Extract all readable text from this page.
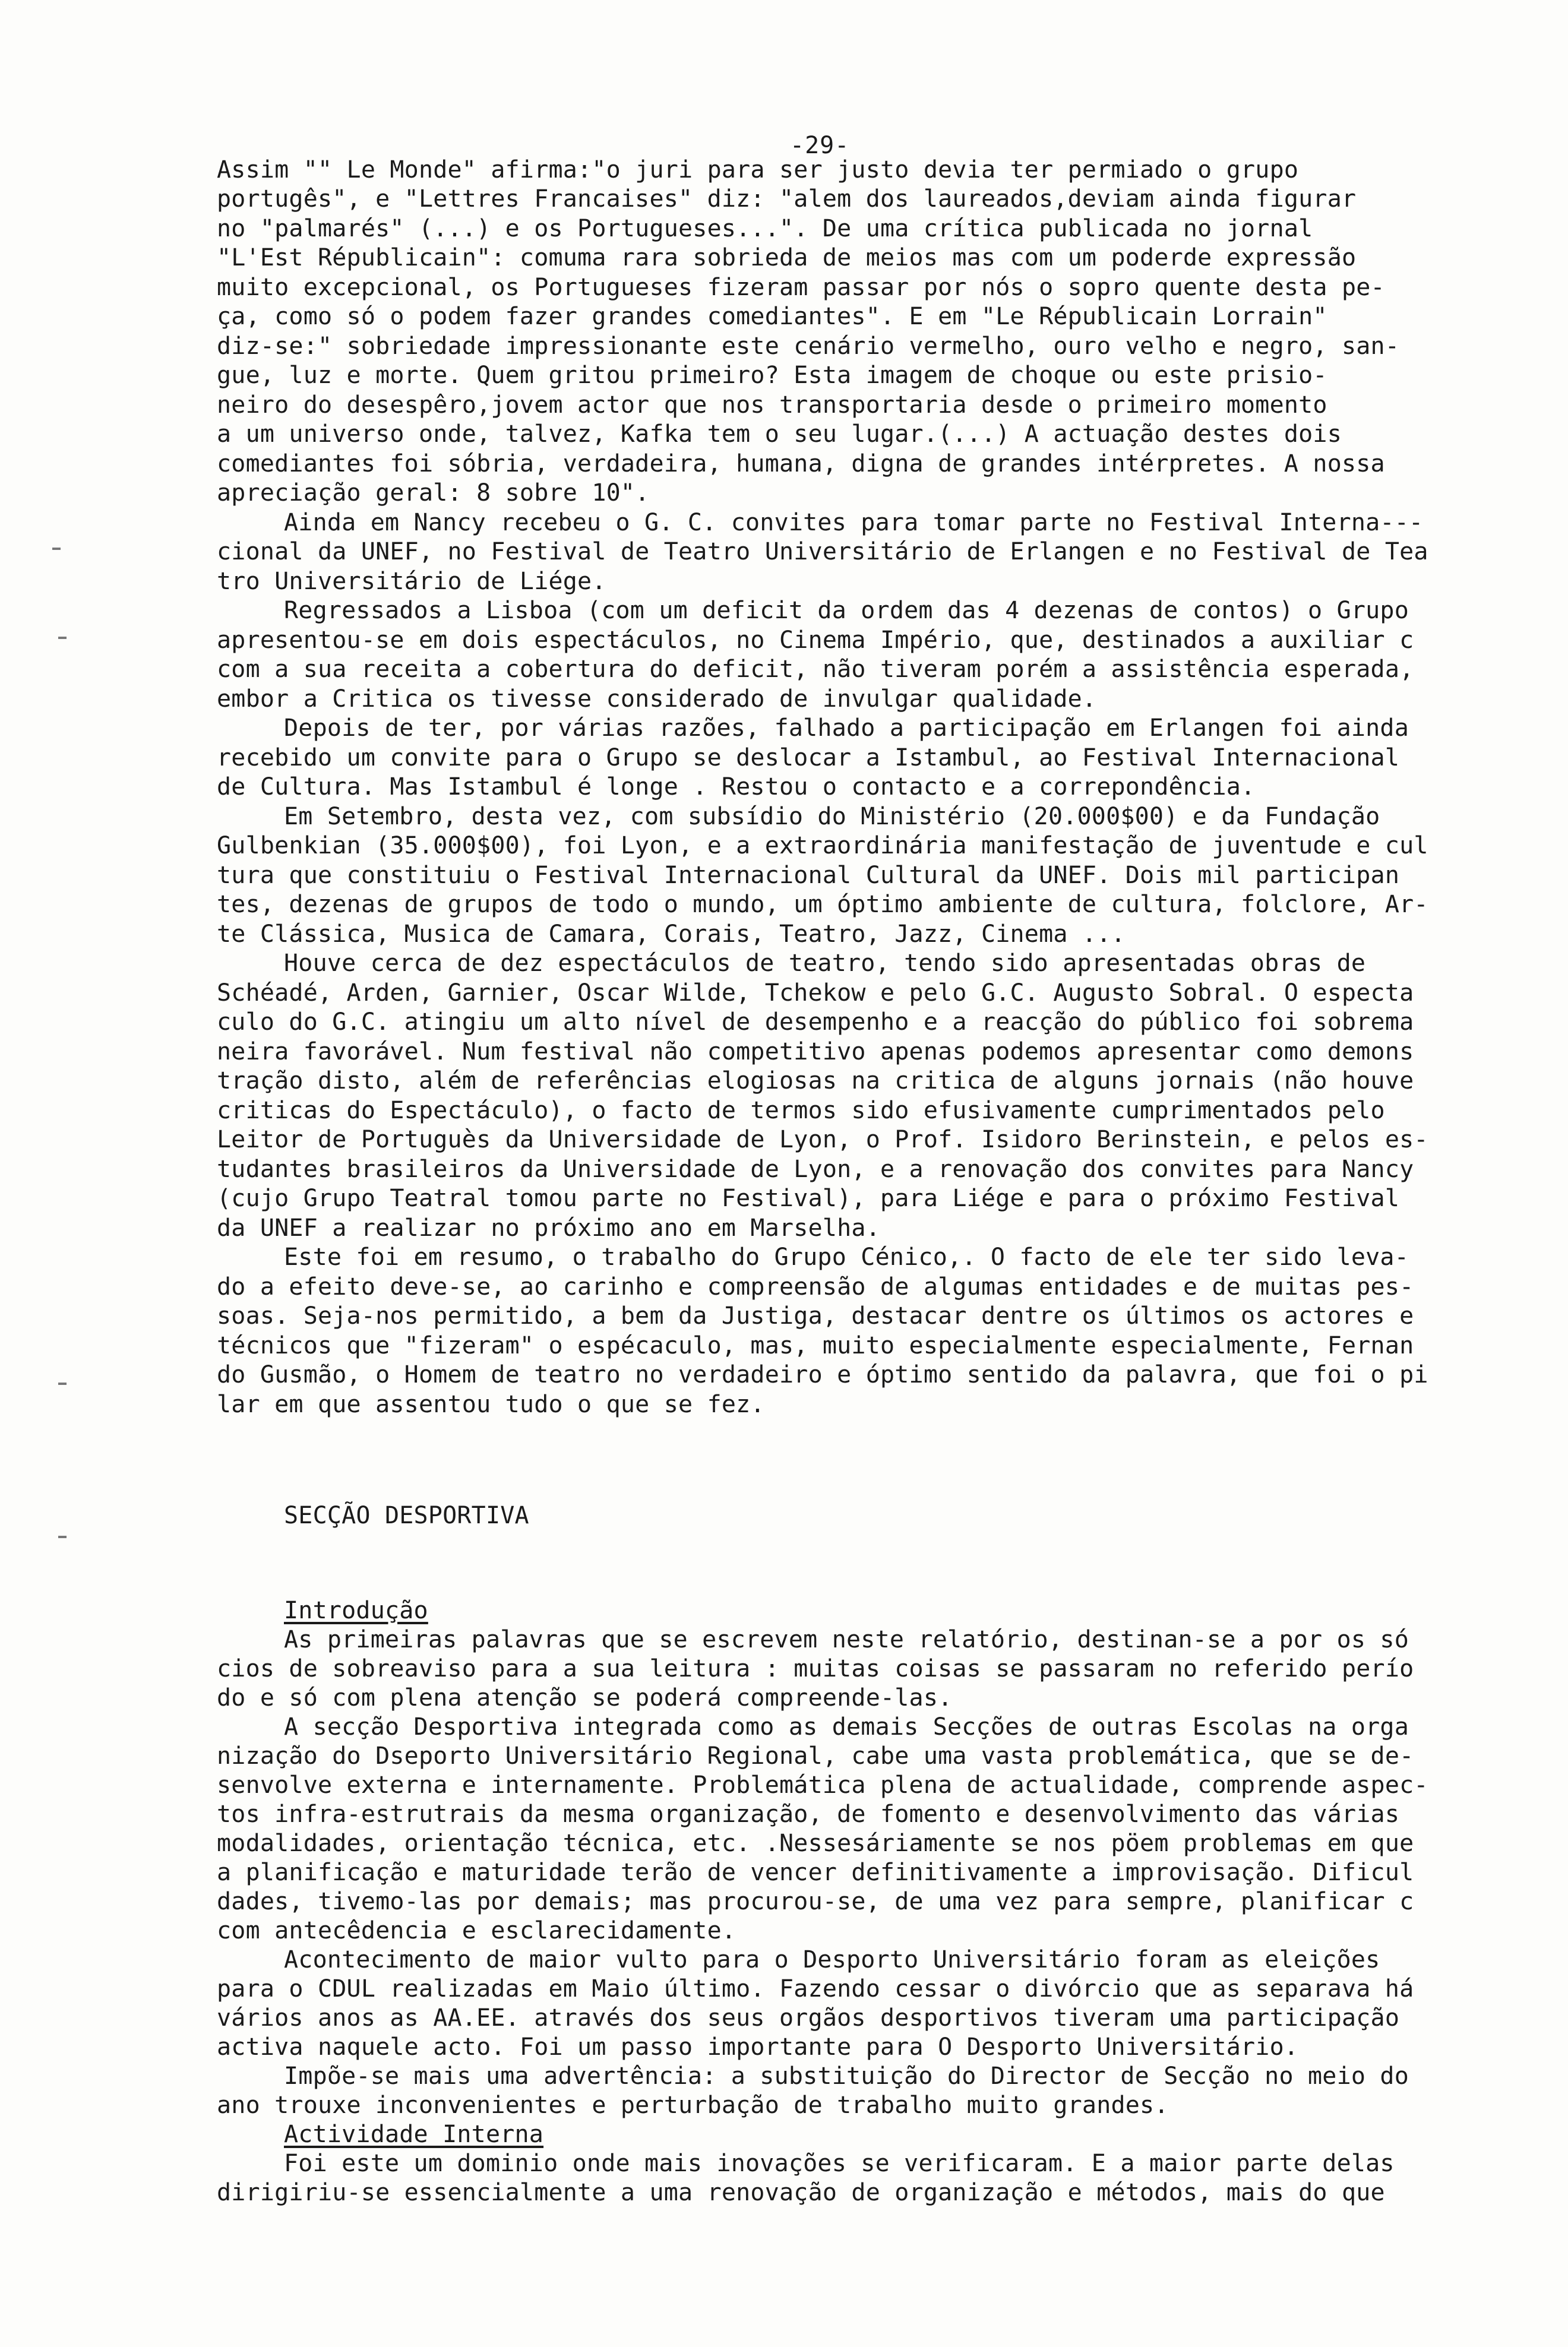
-29-
Assim "" Le Monde" afirma:"o juri para ser justo devia ter permiado o grupo
portugês", e "Lettres Francaises" diz: "alem dos laureados,deviam ainda figurar
no "palmarés" (...) e os Portugueses...". De uma crítica publicada no jornal
"L'Est Républicain": comuma rara sobrieda de meios mas com um poderde expressão
muito excepcional, os Portugueses fizeram passar por nós o sopro quente desta pe-
ça, como só o podem fazer grandes comediantes". E em "Le Républicain Lorrain"
diz-se:" sobriedade impressionante este cenário vermelho, ouro velho e negro, san-
gue, luz e morte. Quem gritou primeiro? Esta imagem de choque ou este prisio-
neiro do desespêro,jovem actor que nos transportaria desde o primeiro momento
a um universo onde, talvez, Kafka tem o seu lugar.(...) A actuação destes dois
comediantes foi sóbria, verdadeira, humana, digna de grandes intérpretes. A nossa
apreciação geral: 8 sobre 10".
Ainda em Nancy recebeu o G. C. convites para tomar parte no Festival Interna---
cional da UNEF, no Festival de Teatro Universitário de Erlangen e no Festival de Tea
tro Universitário de Liége.
Regressados a Lisboa (com um deficit da ordem das 4 dezenas de contos) o Grupo
apresentou-se em dois espectáculos, no Cinema Império, que, destinados a auxiliar c
com a sua receita a cobertura do deficit, não tiveram porém a assistência esperada,
embor a Critica os tivesse considerado de invulgar qualidade.
Depois de ter, por várias razões, falhado a participação em Erlangen foi ainda
recebido um convite para o Grupo se deslocar a Istambul, ao Festival Internacional
de Cultura. Mas Istambul é longe . Restou o contacto e a correpondência.
Em Setembro, desta vez, com subsídio do Ministério (20.000$00) e da Fundação
Gulbenkian (35.000$00), foi Lyon, e a extraordinária manifestação de juventude e cul
tura que constituiu o Festival Internacional Cultural da UNEF. Dois mil participan
tes, dezenas de grupos de todo o mundo, um óptimo ambiente de cultura, folclore, Ar-
te Clássica, Musica de Camara, Corais, Teatro, Jazz, Cinema ...
Houve cerca de dez espectáculos de teatro, tendo sido apresentadas obras de
Schéadé, Arden, Garnier, Oscar Wilde, Tchekow e pelo G.C. Augusto Sobral. O especta
culo do G.C. atingiu um alto nível de desempenho e a reacção do público foi sobrema
neira favorável. Num festival não competitivo apenas podemos apresentar como demons
tração disto, além de referências elogiosas na critica de alguns jornais (não houve
criticas do Espectáculo), o facto de termos sido efusivamente cumprimentados pelo
Leitor de Portuguès da Universidade de Lyon, o Prof. Isidoro Berinstein, e pelos es-
tudantes brasileiros da Universidade de Lyon, e a renovação dos convites para Nancy
(cujo Grupo Teatral tomou parte no Festival), para Liége e para o próximo Festival
da UNEF a realizar no próximo ano em Marselha.
Este foi em resumo, o trabalho do Grupo Cénico,. O facto de ele ter sido leva-
do a efeito deve-se, ao carinho e compreensão de algumas entidades e de muitas pes-
soas. Seja-nos permitido, a bem da Justiga, destacar dentre os últimos os actores e
técnicos que "fizeram" o espécaculo, mas, muito especialmente especialmente, Fernan
do Gusmão, o Homem de teatro no verdadeiro e óptimo sentido da palavra, que foi o pi
lar em que assentou tudo o que se fez.
SECÇÃO DESPORTIVA
Introdução
As primeiras palavras que se escrevem neste relatório, destinan-se a por os só
cios de sobreaviso para a sua leitura : muitas coisas se passaram no referido perío
do e só com plena atenção se poderá compreende-las.
A secção Desportiva integrada como as demais Secções de outras Escolas na orga
nização do Dseporto Universitário Regional, cabe uma vasta problemática, que se de-
senvolve externa e internamente. Problemática plena de actualidade, comprende aspec-
tos infra-estrutrais da mesma organização, de fomento e desenvolvimento das várias
modalidades, orientação técnica, etc. .Nessesáriamente se nos pöem problemas em que
a planificação e maturidade terão de vencer definitivamente a improvisação. Dificul
dades, tivemo-las por demais; mas procurou-se, de uma vez para sempre, planificar c
com antecêdencia e esclarecidamente.
Acontecimento de maior vulto para o Desporto Universitário foram as eleições
para o CDUL realizadas em Maio último. Fazendo cessar o divórcio que as separava há
vários anos as AA.EE. através dos seus orgãos desportivos tiveram uma participação
activa naquele acto. Foi um passo importante para O Desporto Universitário.
Impõe-se mais uma advertência: a substituição do Director de Secção no meio do
ano trouxe inconvenientes e perturbação de trabalho muito grandes.
Actividade Interna
Foi este um dominio onde mais inovações se verificaram. E a maior parte delas
dirigiriu-se essencialmente a uma renovação de organização e métodos, mais do que
